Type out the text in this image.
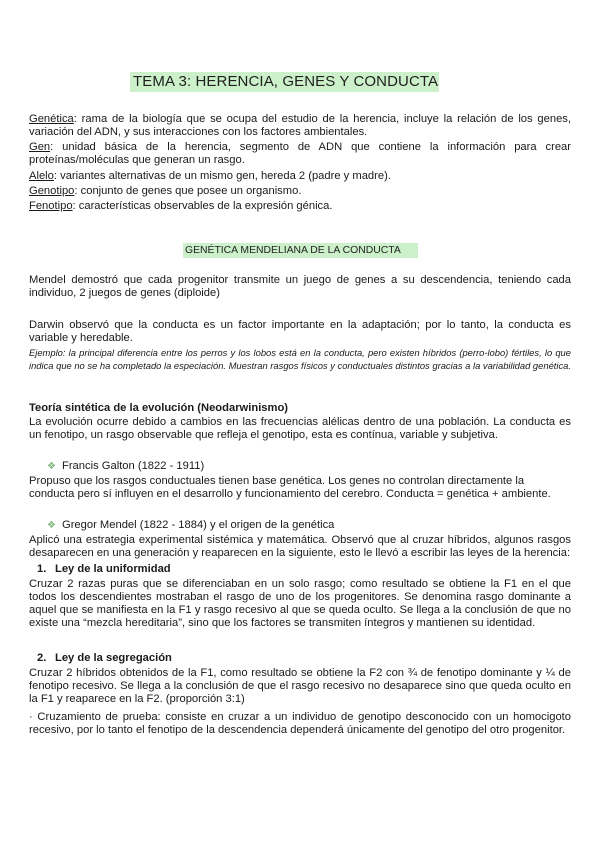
TEMA 3: HERENCIA, GENES Y CONDUCTA
Genética: rama de la biología que se ocupa del estudio de la herencia, incluye la relación de los genes, variación del ADN, y sus interacciones con los factores ambientales.
Gen: unidad básica de la herencia, segmento de ADN que contiene la información para crear proteínas/moléculas que generan un rasgo.
Alelo: variantes alternativas de un mismo gen, hereda 2 (padre y madre).
Genotipo: conjunto de genes que posee un organismo.
Fenotipo: características observables de la expresión génica.
GENÉTICA MENDELIANA DE LA CONDUCTA
Mendel demostró que cada progenitor transmite un juego de genes a su descendencia, teniendo cada individuo, 2 juegos de genes (diploide)
Darwin observó que la conducta es un factor importante en la adaptación; por lo tanto, la conducta es variable y heredable.
Ejemplo: la principal diferencia entre los perros y los lobos está en la conducta, pero existen híbridos (perro-lobo) fértiles, lo que indica que no se ha completado la especiación. Muestran rasgos físicos y conductuales distintos gracias a la variabilidad genética.
Teoría sintética de la evolución (Neodarwinismo)
La evolución ocurre debido a cambios en las frecuencias alélicas dentro de una población. La conducta es un fenotipo, un rasgo observable que refleja el genotipo, esta es contínua, variable y subjetiva.
❖ Francis Galton (1822 - 1911)
Propuso que los rasgos conductuales tienen base genética. Los genes no controlan directamente la conducta pero sí influyen en el desarrollo y funcionamiento del cerebro. Conducta = genética + ambiente.
❖ Gregor Mendel (1822 - 1884) y el origen de la genética
Aplicó una estrategia experimental sistémica y matemática. Observó que al cruzar híbridos, algunos rasgos desaparecen en una generación y reaparecen en la siguiente, esto le llevó a escribir las leyes de la herencia:
1. Ley de la uniformidad
Cruzar 2 razas puras que se diferenciaban en un solo rasgo; como resultado se obtiene la F1 en el que todos los descendientes mostraban el rasgo de uno de los progenitores. Se denomina rasgo dominante a aquel que se manifiesta en la F1 y rasgo recesivo al que se queda oculto. Se llega a la conclusión de que no existe una “mezcla hereditaria”, sino que los factores se transmiten íntegros y mantienen su identidad.
2. Ley de la segregación
Cruzar 2 híbridos obtenidos de la F1, como resultado se obtiene la F2 con ¾ de fenotipo dominante y ¼ de fenotipo recesivo. Se llega a la conclusión de que el rasgo recesivo no desaparece sino que queda oculto en la F1 y reaparece en la F2. (proporción 3:1)
· Cruzamiento de prueba: consiste en cruzar a un individuo de genotipo desconocido con un homocigoto recesivo, por lo tanto el fenotipo de la descendencia dependerá únicamente del genotipo del otro progenitor.
